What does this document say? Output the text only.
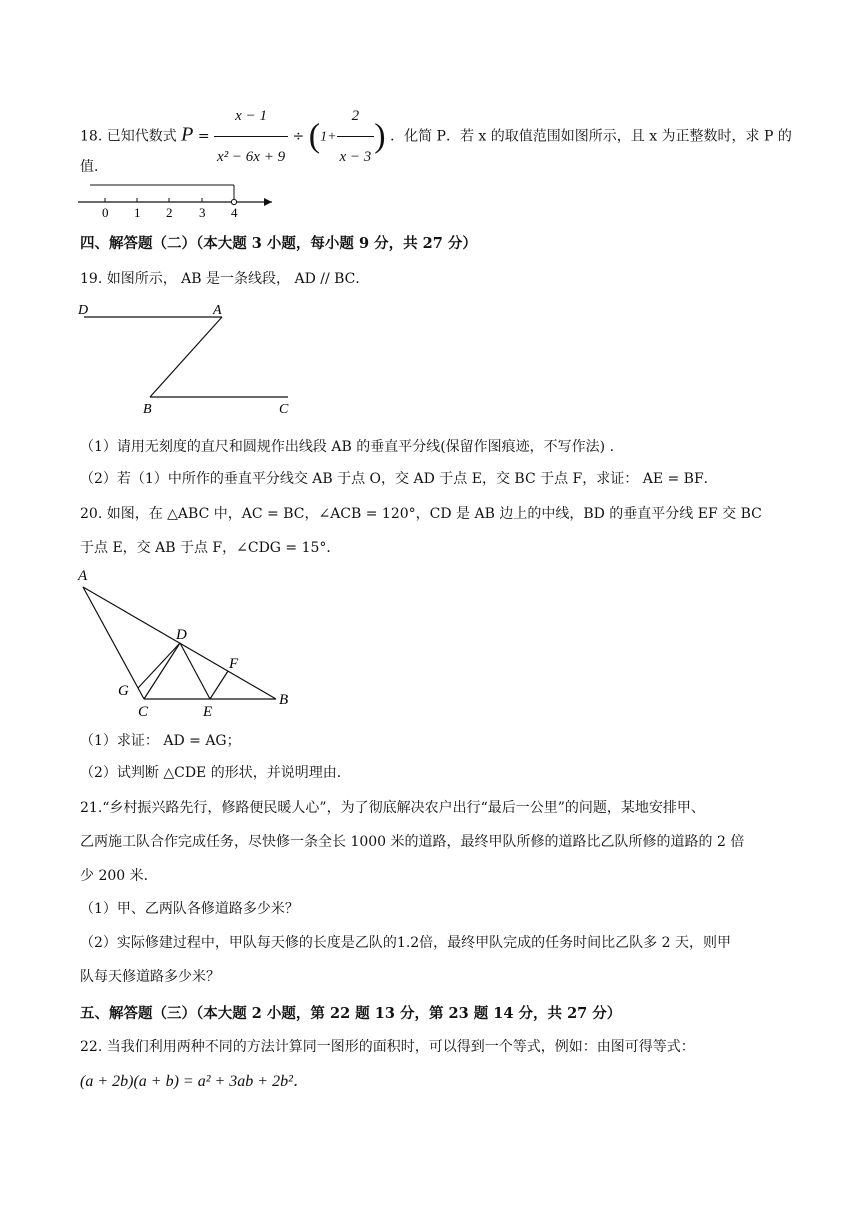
18. 已知代数式 $P = \frac{x - 1}{\text{x² − 6x + 9}} \div (1+ \frac{2}{x - 3}$ ) ．化简 P．若 x 的取值范围如图所示，且 x 为正整数时，求 P 的
值．
0 1 2 3 4
四、解答题（二）（本大题 3 小题，每小题 9 分，共 27 分）
19. 如图所示， AB 是一条线段， AD // BC．
D	A
B	C
（1）请用无刻度的直尺和圆规作出线段 AB 的垂直平分线(保留作图痕迹，不写作法) ．
（2）若（1）中所作的垂直平分线交 AB 于点 O，交 AD 于点 E，交 BC 于点 F，求证： AE = BF．
20. 如图，在 △ABC 中，AC = BC，∠ACB = 120°，CD 是 AB 边上的中线，BD 的垂直平分线 EF 交 BC
于点 E，交 AB 于点 F，∠CDG = 15°．
A
D
F
G
C	E
B
（1）求证： AD = AG；
（2）试判断 △CDE 的形状，并说明理由．
21.“乡村振兴路先行，修路便民暖人心”，为了彻底解决农户出行“最后一公里”的问题，某地安排甲、
乙两施工队合作完成任务，尽快修一条全长 1000 米的道路，最终甲队所修的道路比乙队所修的道路的 2 倍
少 200 米．
（1）甲、乙两队各修道路多少米？
（2）实际修建过程中，甲队每天修的长度是乙队的1.2倍，最终甲队完成的任务时间比乙队多 2 天，则甲
队每天修道路多少米？
五、解答题（三）（本大题 2 小题，第 22 题 13 分，第 23 题 14 分，共 27 分）
22. 当我们利用两种不同的方法计算同一图形的面积时，可以得到一个等式，例如：由图可得等式：
(a + 2b)(a + b) = a² + 3ab + 2b²．
